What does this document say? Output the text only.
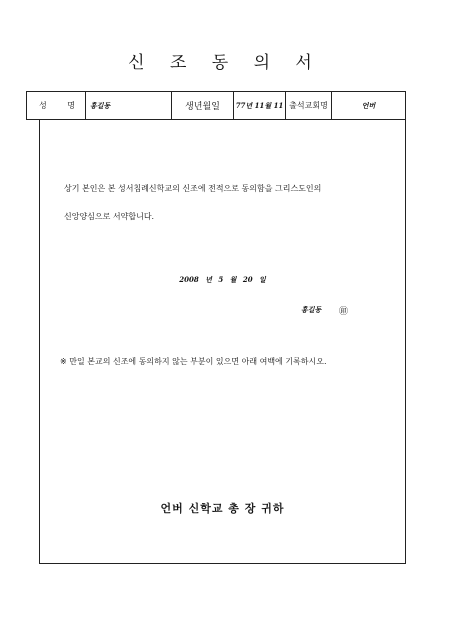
신 조 동 의 서
성	명	홍길동	생년월일	77년 11월 11 출석교회명	언버
상기 본인은 본 성서침례신학교의 신조에 전적으로 동의함을 그리스도인의
신앙양심으로 서약합니다.
2008 년 5 월 20 일
홍길동 ㊞
※ 만일 본교의 신조에 동의하지 않는 부분이 있으면 아래 여백에 기록하시오.
언버 신학교 총 장 귀하
